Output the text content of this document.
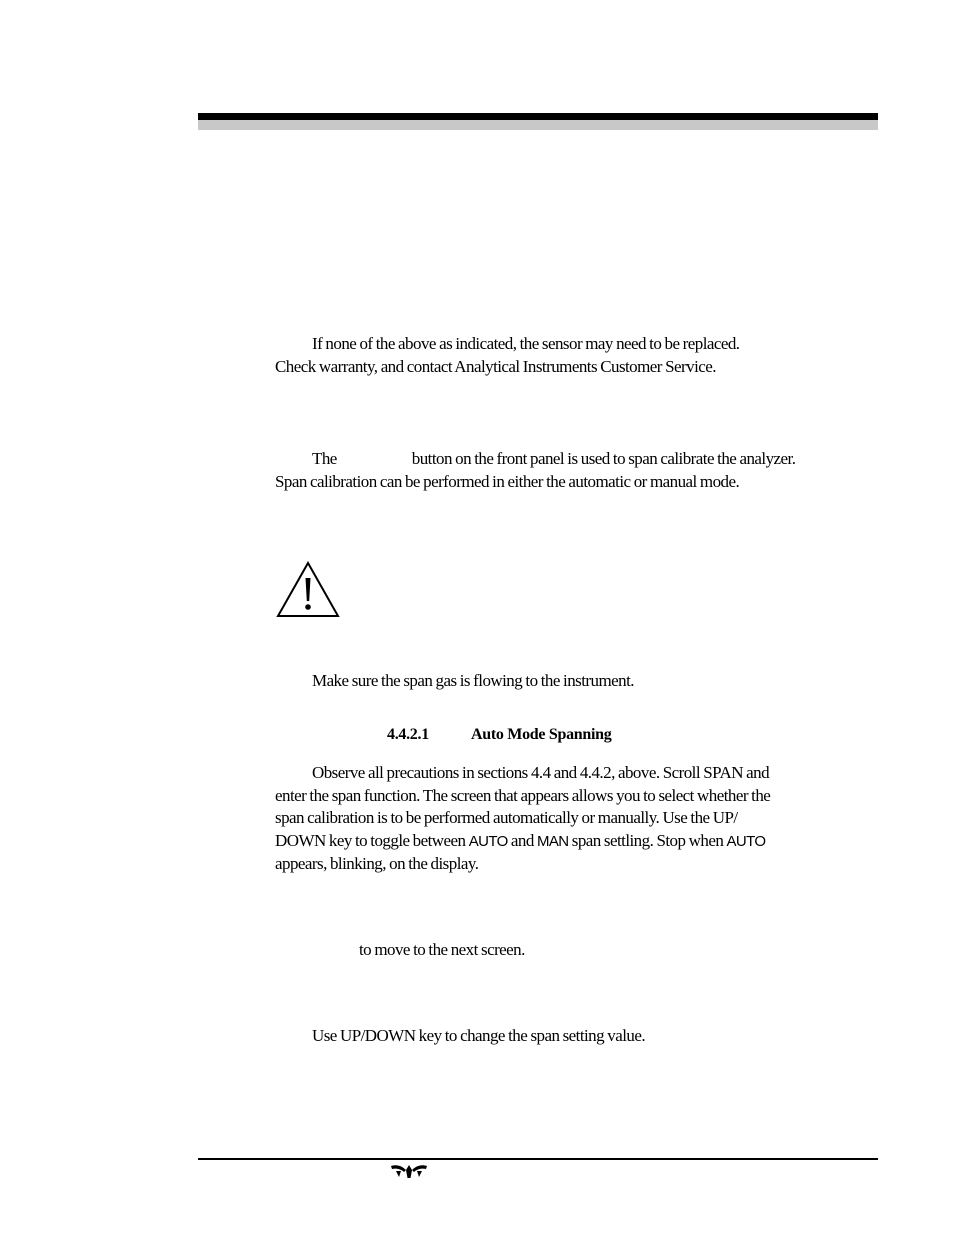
If none of the above as indicated, the sensor may need to be replaced.

Check warranty, and contact Analytical Instruments Customer Service.

The	button on the front panel is used to span calibrate the analyzer.

Span calibration can be performed in either the automatic or manual mode.

Make sure the span gas is flowing to the instrument.

4.4.2.1	Auto Mode Spanning

Observe all precautions in sections 4.4 and 4.4.2, above. Scroll SPAN and

enter the span function. The screen that appears allows you to select whether the

span calibration is to be performed automatically or manually. Use the UP/

DOWN key to toggle between AUTO and MAN span settling. Stop when AUTO

appears, blinking, on the display.

to move to the next screen.

Use UP/DOWN key to change the span setting value.
